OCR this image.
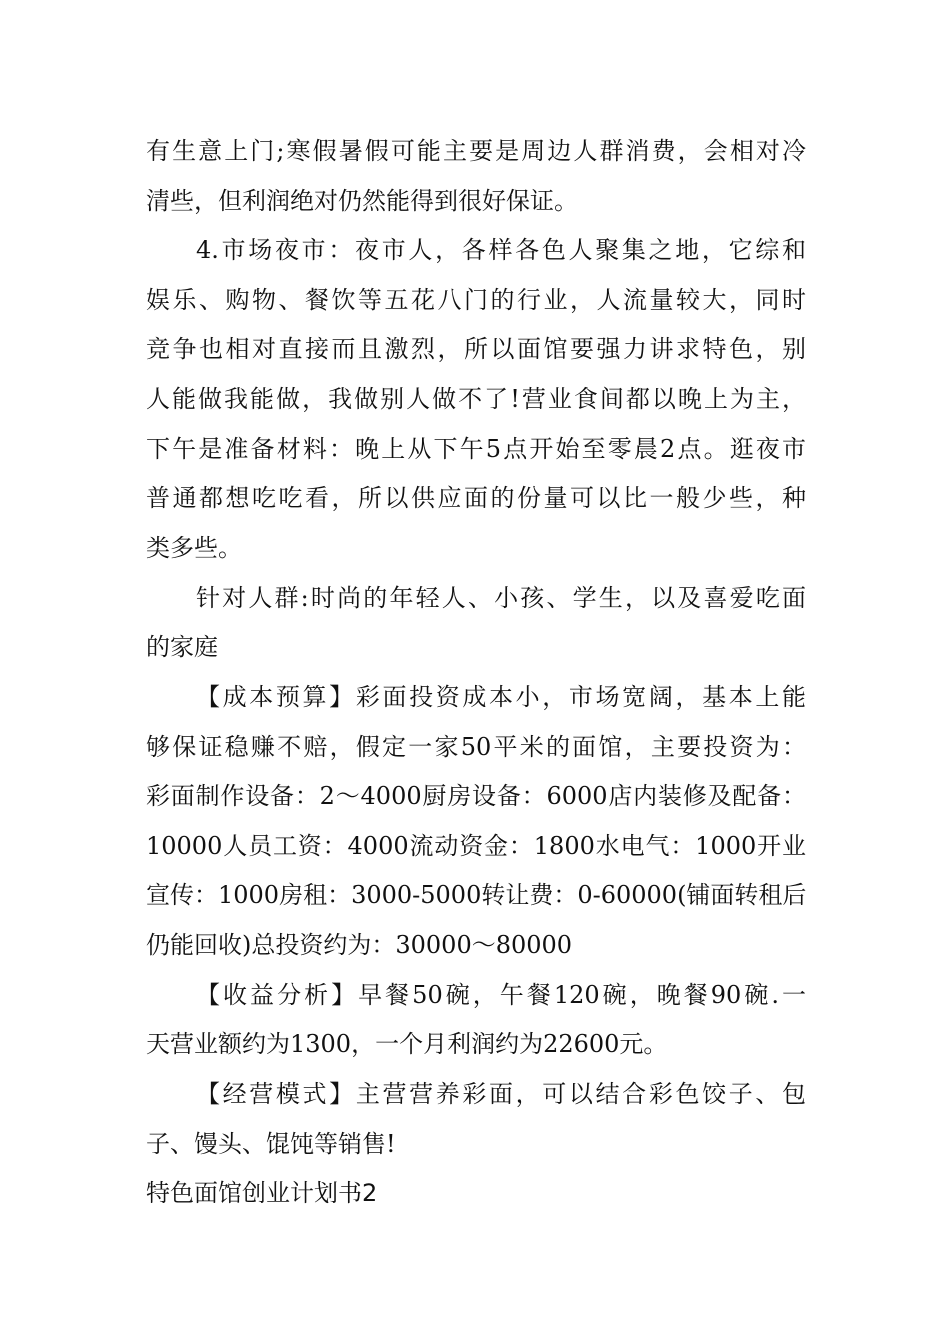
有生意上门;寒假暑假可能主要是周边人群消费，会相对冷
清些，但利润绝对仍然能得到很好保证。
4.市场夜市：夜市人，各样各色人聚集之地，它综和
娱乐、购物、餐饮等五花八门的行业，人流量较大，同时
竞争也相对直接而且激烈，所以面馆要强力讲求特色，别
人能做我能做，我做别人做不了!营业食间都以晚上为主，
下午是准备材料：晚上从下午5点开始至零晨2点。逛夜市
普通都想吃吃看，所以供应面的份量可以比一般少些，种
类多些。
针对人群:时尚的年轻人、小孩、学生，以及喜爱吃面
的家庭
【成本预算】彩面投资成本小，市场宽阔，基本上能
够保证稳赚不赔，假定一家50平米的面馆，主要投资为：
彩面制作设备：2～4000厨房设备：6000店内装修及配备：
10000人员工资：4000流动资金：1800水电气：1000开业
宣传：1000房租：3000-5000转让费：0-60000(铺面转租后
仍能回收)总投资约为：30000～80000
【收益分析】早餐50碗，午餐120碗，晚餐90碗.一
天营业额约为1300，一个月利润约为22600元。
【经营模式】主营营养彩面，可以结合彩色饺子、包
子、馒头、馄饨等销售!
特色面馆创业计划书2
